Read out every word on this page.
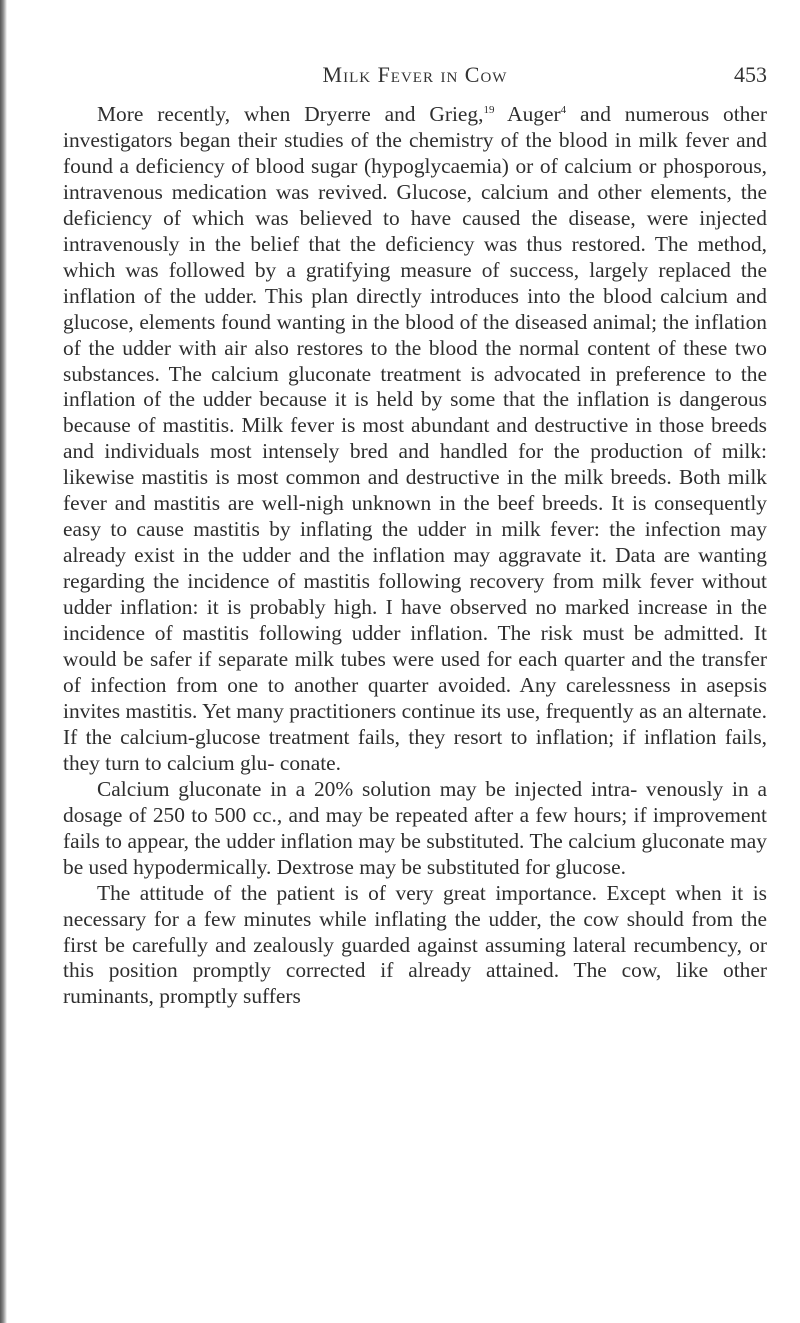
Milk Fever in Cow	453

More recently, when Dryerre and Grieg,$^{19}$ Auger$^4$ and numerous other investigators began their studies of the chemistry of the blood in milk fever and found a deficiency of blood sugar (hypoglycaemia) or of calcium or phosporous, intravenous medication was revived. Glucose, calcium and other elements, the deficiency of which was believed to have caused the disease, were injected intravenously in the belief that the deficiency was thus restored. The method, which was followed by a gratifying measure of success, largely replaced the inflation of the udder. This plan directly introduces into the blood calcium and glucose, elements found wanting in the blood of the diseased animal; the inflation of the udder with air also restores to the blood the normal content of these two substances. The calcium gluconate treatment is advocated in preference to the inflation of the udder because it is held by some that the inflation is dangerous because of mastitis. Milk fever is most abundant and destructive in those breeds and individuals most intensely bred and handled for the production of milk: likewise mastitis is most common and destructive in the milk breeds. Both milk fever and mastitis are well-nigh unknown in the beef breeds. It is consequently easy to cause mastitis by inflating the udder in milk fever: the infection may already exist in the udder and the inflation may aggravate it. Data are wanting regarding the incidence of mastitis following recovery from milk fever without udder inflation: it is probably high. I have observed no marked increase in the incidence of mastitis following udder inflation. The risk must be admitted. It would be safer if separate milk tubes were used for each quarter and the transfer of infection from one to another quarter avoided. Any carelessness in asepsis invites mastitis. Yet many practitioners continue its use, frequently as an alternate. If the calcium-glucose treatment fails, they resort to inflation; if inflation fails, they turn to calcium glu- conate.

Calcium gluconate in a 20% solution may be injected intra- venously in a dosage of 250 to 500 cc., and may be repeated after a few hours; if improvement fails to appear, the udder inflation may be substituted. The calcium gluconate may be used hypodermically. Dextrose may be substituted for glucose.

The attitude of the patient is of very great importance. Except when it is necessary for a few minutes while inflating the udder, the cow should from the first be carefully and zealously guarded against assuming lateral recumbency, or this position promptly corrected if already attained. The cow, like other ruminants, promptly suffers
